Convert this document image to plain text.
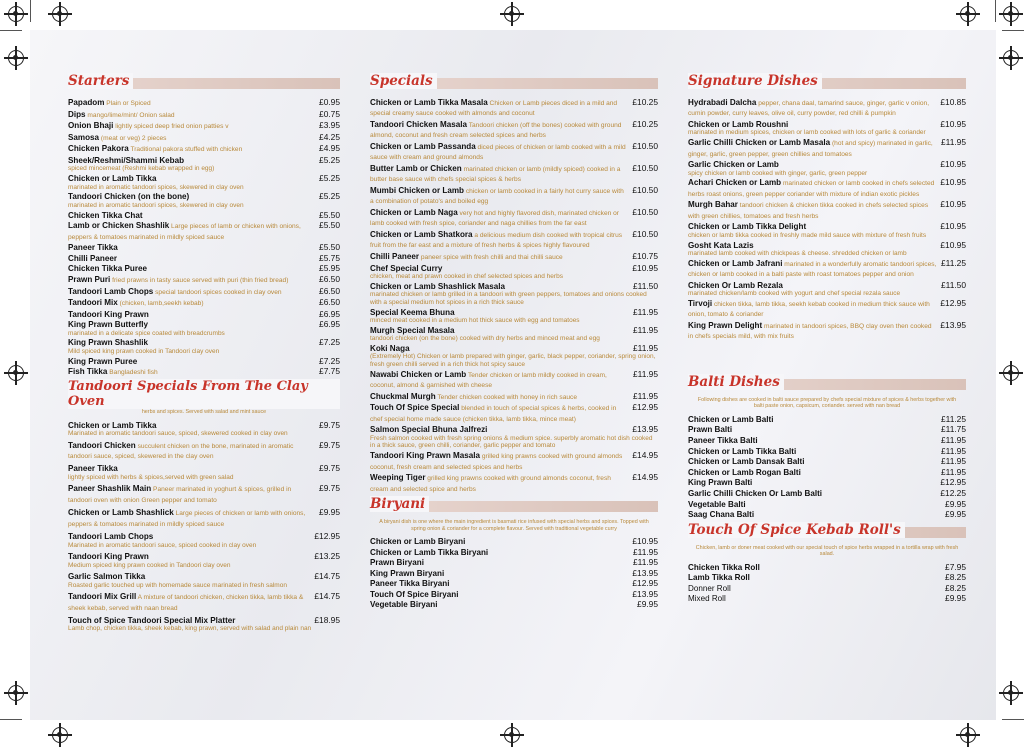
Starters
Papadom Plain or Spiced	£0.95
Dips mango/lime/mint/ Onion salad	£0.75
Onion Bhaji lightly spiced deep fried onion patties v	£3.95
Samosa (meat or veg) 2 pieces	£4.25
Chicken Pakora Traditional pakora stuffed with chicken	£4.95
Sheek/Reshmi/Shammi Kebab	£5.25
spiced mincemeat (Reshmi kebab wrapped in egg)
Chicken or Lamb Tikka	£5.25
marinated in aromatic tandoori spices, skewered in clay oven
Tandoori Chicken (on the bone)	£5.25
marinated in aromatic tandoori spices, skewered in clay oven
Chicken Tikka Chat	£5.50
Lamb or Chicken Shashlik Large pieces of lamb or chicken with onions, peppers & tomatoes marinated in mildly spiced sauce
£5.50
Paneer Tikka	£5.50
Chilli Paneer	£5.75
Chicken Tikka Puree	£5.95
Prawn Puri fried prawns in tasty sauce served with puri (thin fried bread)	£6.50
Tandoori Lamb Chops special tandoori spices cooked in clay oven	£6.50
Tandoori Mix (chicken, lamb,seekh kebab)	£6.50
Tandoori King Prawn	£6.95
King Prawn Butterfly	£6.95
marinated in a delicate spice coated with breadcrumbs
King Prawn Shashlik	£7.25
Mild spiced king prawn cooked in Tandoori clay oven
King Prawn Puree	£7.25
Fish Tikka Bangladeshi fish	£7.75
Tandoori Specials From The Clay Oven
herbs and spices. Served with salad and mint sauce
Chicken or Lamb Tikka	£9.75
Marinated in aromatic tandoori sauce, spiced, skewered cooked in clay oven
Tandoori Chicken succulent chicken on the bone, marinated in aromatic tandoori sauce, spiced, skewered in the clay oven
£9.75
Paneer Tikka	£9.75
lightly spiced with herbs & spices,served with green salad
Paneer Shashlik Main Paneer marinated in yoghurt & spices, grilled in tandoori oven with onion Green pepper and tomato
£9.75
Chicken or Lamb Shashlick Large pieces of chicken or lamb with onions, peppers & tomatoes marinated in mildly spiced sauce
£9.95
Tandoori Lamb Chops	£12.95
Marinated in aromatic tandoori sauce, spiced cooked in clay oven
Tandoori King Prawn	£13.25
Medium spiced king prawn cooked in Tandoori clay oven
Garlic Salmon Tikka	£14.75
Roasted garlic touched up with homemade sauce marinated in fresh salmon
Tandoori Mix Grill A mixture of tandoori chicken, chicken tikka, lamb tikka & sheek kebab, served with naan bread
£14.75
Touch of Spice Tandoori Special Mix Platter	£18.95
Lamb chop, chicken tikka, sheek kebab, king prawn, served with salad and plain nan
Specials
Chicken or Lamb Tikka Masala Chicken or Lamb pieces diced in a mild and special creamy sauce cooked with almonds and coconut
£10.25
Tandoori Chicken Masala Tandoori chicken (off the bones) cooked with ground almond, coconut and fresh cream selected spices and herbs
£10.25
Chicken or Lamb Passanda diced pieces of chicken or lamb cooked with a mild sauce with cream and ground almonds
£10.50
Butter Lamb or Chicken marinated chicken or lamb (mildly spiced) cooked in a butter base sauce with chefs special spices & herbs
£10.50
Mumbi Chicken or Lamb chicken or lamb cooked in a fairly hot curry sauce with a combination of potato's and boiled egg
£10.50
Chicken or Lamb Naga very hot and highly flavored dish, marinated chicken or lamb cooked with fresh spice, coriander and naga chillies from the far east
£10.50
Chicken or Lamb Shatkora a delicious medium dish cooked with tropical citrus fruit from the far east and a mixture of fresh herbs & spices highly flavoured
£10.50
Chilli Paneer paneer spice with fresh chilli and thai chilli sauce	£10.75
Chef Special Curry	£10.95
chicken, meat and prawn cooked in chef selected spices and herbs
Chicken or Lamb Shashlick Masala	£11.50
marinated chicken or lamb grilled in a tandoori with green peppers, tomatoes and onions cooked with a special medium hot spices in a rich thick sauce
Special Keema Bhuna	£11.95
minced meat cooked in a medium hot thick sauce with egg and tomatoes
Murgh Special Masala	£11.95
tandoori chicken (on the bone) cooked with dry herbs and minced meat and egg
Koki Naga	£11.95
(Extremely Hot) Chicken or lamb prepared with ginger, garlic, black pepper, coriander, spring onion, fresh green chilli served in a rich thick hot spicy sauce
Nawabi Chicken or Lamb Tender chicken or lamb mildly cooked in cream, coconut, almond & garnished with cheese
£11.95
Chuckmal Murgh Tender chicken cooked with honey in rich sauce	£11.95
Touch Of Spice Special blended in touch of special spices & herbs, cooked in chef special home made sauce (chicken tikka, lamb tikka, mince meat)
£12.95
Salmon Special Bhuna Jalfrezi	£13.95
Fresh salmon cooked with fresh spring onions & medium spice. superbly aromatic hot dish cooked in a thick sauce, green chilli, coriander, garlic pepper and tomato
Tandoori King Prawn Masala grilled king prawns cooked with ground almonds coconut, fresh cream and selected spices and herbs
£14.95
Weeping Tiger grilled king prawns cooked with ground almonds coconut, fresh cream and selected spice and herbs
£14.95
Biryani
A biryani dish is one where the main ingredient is basmati rice infused with special herbs and spices. Topped with spring onion & coriander for a complete flavour. Served with traditional vegetable curry
Chicken or Lamb Biryani	£10.95
Chicken or Lamb Tikka Biryani	£11.95
Prawn Biryani	£11.95
King Prawn Biryani	£13.95
Paneer Tikka Biryani	£12.95
Touch Of Spice Biryani	£13.95
Vegetable Biryani	£9.95
Signature Dishes
Hydrabadi Dalcha pepper, chana daal, tamarind sauce, ginger, garlic v onion, cumin powder, curry leaves, olive oil, curry powder, red chilli & pumpkin
£10.85
Chicken or Lamb Roushni	£10.95
marinated in medium spices, chicken or lamb cooked with lots of garlic & coriander
Garlic Chilli Chicken or Lamb Masala (hot and spicy) marinated in garlic, ginger, garlic, green pepper, green chillies and tomatoes
£11.95
Garlic Chicken or Lamb	£10.95
spicy chicken or lamb cooked with ginger, garlic, green pepper
Achari Chicken or Lamb marinated chicken or lamb cooked in chefs selected herbs roast onions, green pepper coriander with mixture of indian exotic pickles
£10.95
Murgh Bahar tandoori chicken & chicken tikka cooked in chefs selected spices with green chillies, tomatoes and fresh herbs
£10.95
Chicken or Lamb Tikka Delight	£10.95
chicken or lamb tikka cooked in freshly made mild sauce with mixture of fresh fruits
Gosht Kata Lazis	£10.95
marinated lamb cooked with chickpeas & cheese. shredded chicken or lamb
Chicken or Lamb Jafrani marinated in a wonderfully aromatic tandoori spices, chicken or lamb cooked in a balti paste with roast tomatoes pepper and onion
£11.25
Chicken Or Lamb Rezala	£11.50
marinated chicken/lamb cooked with yogurt and chef special rezala sauce
Tirvoji chicken tikka, lamb tikka, seekh kebab cooked in medium thick sauce with onion, tomato & coriander
£12.95
King Prawn Delight marinated in tandoori spices, BBQ clay oven then cooked in chefs specials mild, with mix fruits
£13.95
Balti Dishes
Following dishes are cooked in balti sauce prepared by chefs special mixture of spices & herbs together with balti paste onion, capsicum, coriander. served with nan bread
Chicken or Lamb Balti	£11.25
Prawn Balti	£11.75
Paneer Tikka Balti	£11.95
Chicken or Lamb Tikka Balti	£11.95
Chicken or Lamb Dansak Balti	£11.95
Chicken or Lamb Rogan Balti	£11.95
King Prawn Balti	£12.95
Garlic Chilli Chicken Or Lamb Balti	£12.25
Vegetable Balti	£9.95
Saag Chana Balti	£9.95
Touch Of Spice Kebab Roll's
Chicken, lamb or doner meat cooked with our special touch of spice herbs wrapped in a tortilla wrap with fresh salad.
Chicken Tikka Roll	£7.95
Lamb Tikka Roll	£8.25
Donner Roll	£8.25
Mixed Roll	£9.95
